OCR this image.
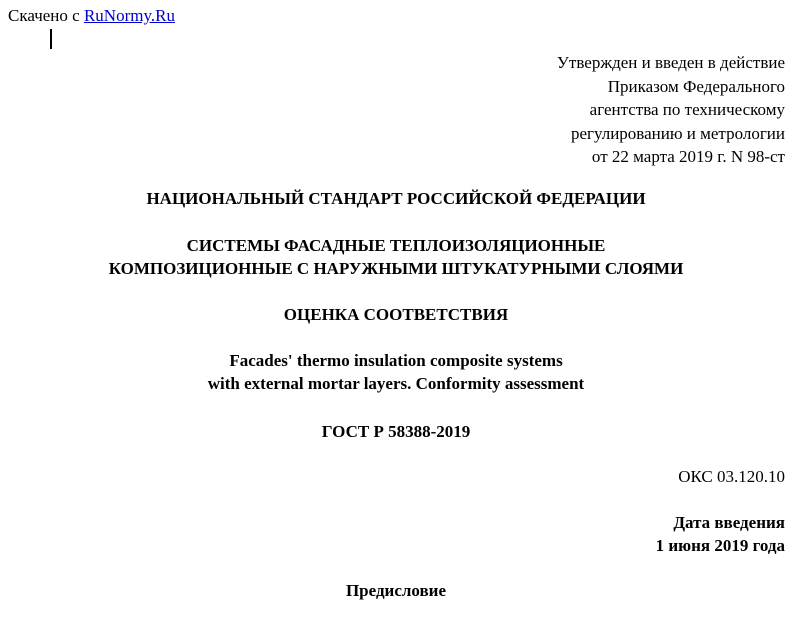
Скачено с RuNormy.Ru
Утвержден и введен в действие
Приказом Федерального
агентства по техническому
регулированию и метрологии
от 22 марта 2019 г. N 98-ст
НАЦИОНАЛЬНЫЙ СТАНДАРТ РОССИЙСКОЙ ФЕДЕРАЦИИ
СИСТЕМЫ ФАСАДНЫЕ ТЕПЛОИЗОЛЯЦИОННЫЕ
КОМПОЗИЦИОННЫЕ С НАРУЖНЫМИ ШТУКАТУРНЫМИ СЛОЯМИ
ОЦЕНКА СООТВЕТСТВИЯ
Facades' thermo insulation composite systems
with external mortar layers. Conformity assessment
ГОСТ Р 58388-2019
ОКС 03.120.10
Дата введения
1 июня 2019 года
Предисловие
